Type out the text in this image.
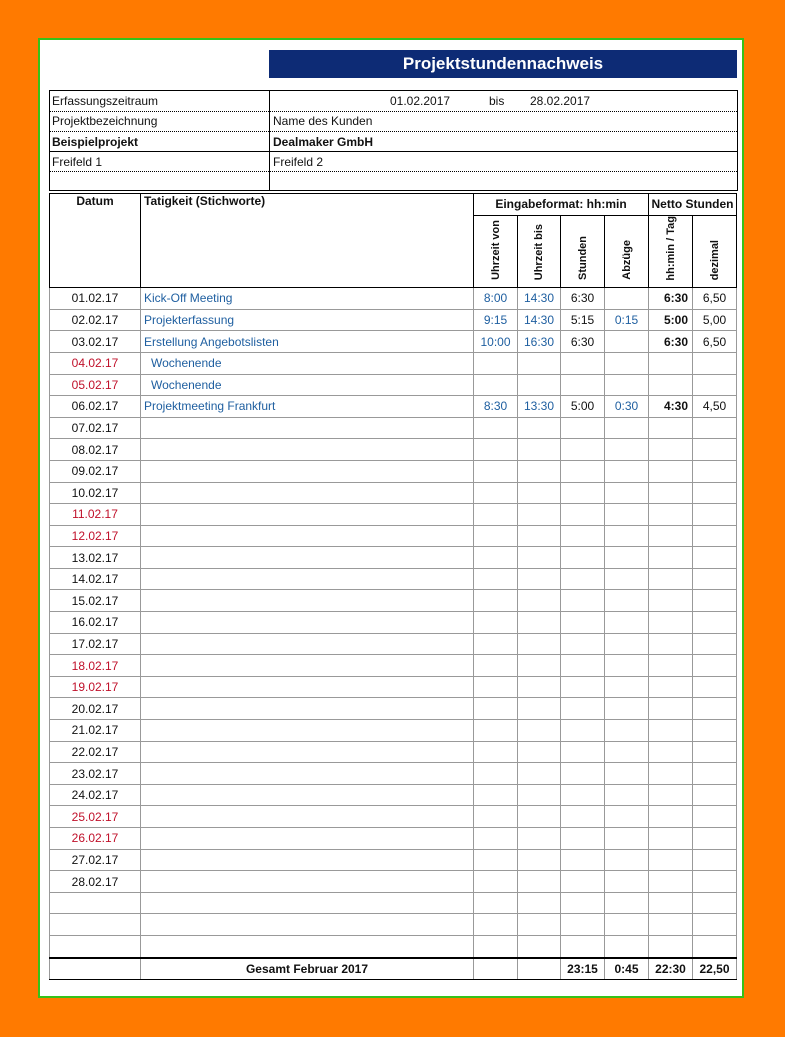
Projektstundennachweis
Erfassungszeitraum	01.02.2017	bis 28.02.2017
Projektbezeichnung	Name des Kunden
Beispielprojekt	Dealmaker GmbH
Freifeld 1	Freifeld 2
Datum	Tatigkeit (Stichworte)	Eingabeformat: hh:min				Netto Stunden	
		Uhrzeit von	Uhrzeit bis	Stunden	Abzüge	hh:min / Tag	dezimal
01.02.17	Kick-Off Meeting	8:00	14:30	6:30		6:30	6,50
02.02.17	Projekterfassung	9:15	14:30	5:15	0:15	5:00	5,00
03.02.17	Erstellung Angebotslisten	10:00	16:30	6:30		6:30	6,50
04.02.17	Wochenende						
05.02.17	Wochenende						
06.02.17	Projektmeeting Frankfurt	8:30	13:30	5:00	0:30	4:30	4,50
07.02.17							
08.02.17							
09.02.17							
10.02.17							
11.02.17							
12.02.17							
13.02.17							
14.02.17							
15.02.17							
16.02.17							
17.02.17							
18.02.17							
19.02.17							
20.02.17							
21.02.17							
22.02.17							
23.02.17							
24.02.17							
25.02.17							
26.02.17							
27.02.17							
28.02.17							

	Gesamt Februar 2017			23:15	0:45	22:30	22,50
